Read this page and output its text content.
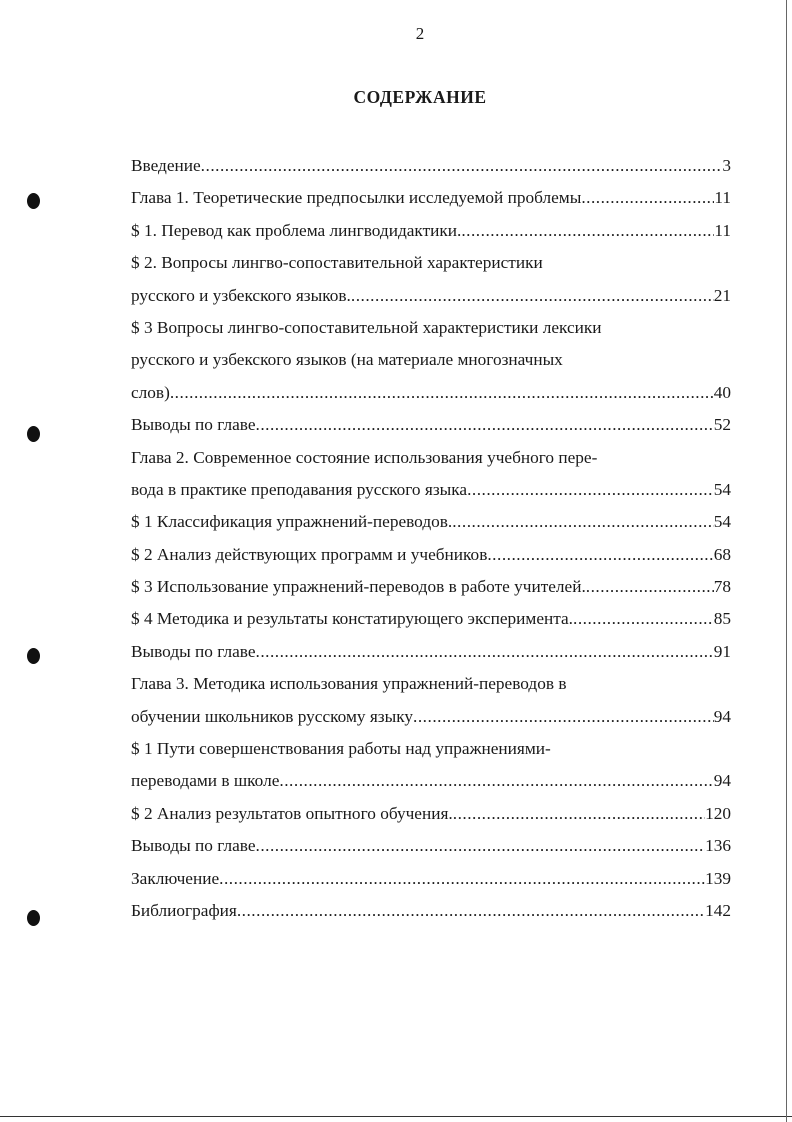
2
СОДЕРЖАНИЕ
Введение .....	3
Глава 1. Теоретические предпосылки исследуемой проблемы .....	11
$ 1. Перевод как проблема лингводидактики. .....	11
$ 2. Вопросы лингво-сопоставительной характеристики
русского и узбекского языков. .....	21
$ 3 Вопросы лингво-сопоставительной характеристики лексики
русского и узбекского языков (на материале многозначных
слов) .....	40
Выводы по главе .....	52
Глава 2. Современное состояние использования учебного пере-
вода в практике преподавания русского языка .....	54
$ 1 Классификация упражнений-переводов. .....	54
$ 2 Анализ действующих программ и учебников .....	68
$ 3 Использование упражнений-переводов в работе учителей. .....	78
$ 4 Методика и результаты констатирующего эксперимента. .....	85
Выводы по главе .....	91
Глава 3. Методика использования упражнений-переводов в
обучении школьников русскому языку .....	94
$ 1 Пути совершенствования работы над упражнениями-
переводами в школе .....	94
$ 2 Анализ результатов опытного обучения. .....	120
Выводы по главе .....	136
Заключение .....	139
Библиография .....	142
